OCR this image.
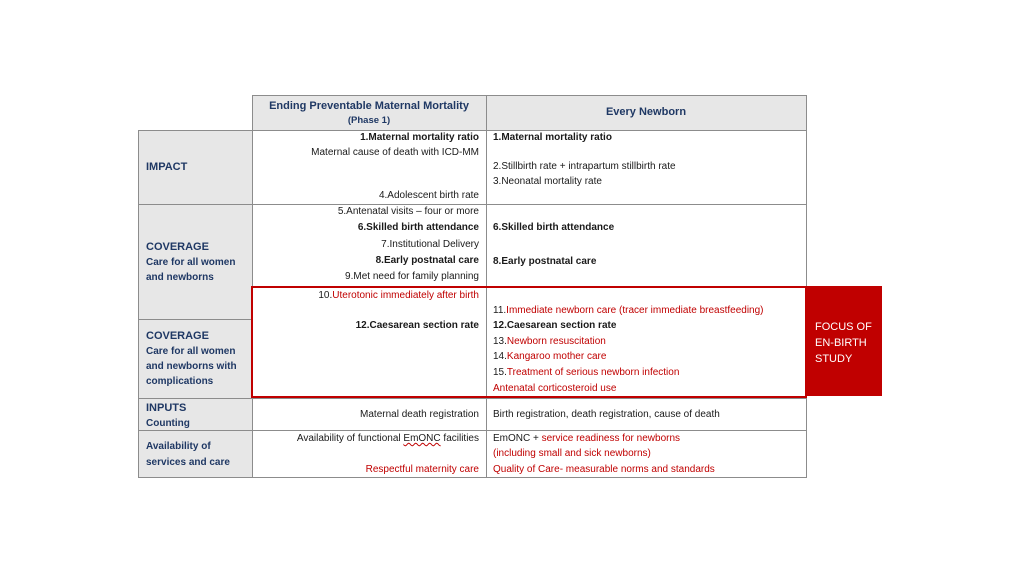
FOCUS OF
EN-BIRTH
STUDY
Ending Preventable Maternal Mortality
(Phase 1)
Every Newborn
IMPACT
1.Maternal mortality ratio
Maternal cause of death with ICD-MM
4.Adolescent birth rate
1.Maternal mortality ratio
2.Stillbirth rate + intrapartum stillbirth rate
3.Neonatal mortality rate
COVERAGE
Care for all women
and newborns
5.Antenatal visits – four or more
6.Skilled birth attendance
7.Institutional Delivery
8.Early postnatal care
9.Met need for family planning
6.Skilled birth attendance
8.Early postnatal care
10.Uterotonic immediately after birth
11.Immediate newborn care (tracer immediate breastfeeding)
COVERAGE
Care for all women
and newborns with
complications
12.Caesarean section rate 12.Caesarean section rate
13.Newborn resuscitation
14.Kangaroo mother care
15.Treatment of serious newborn infection
Antenatal corticosteroid use
INPUTS
Counting
Maternal death registration Birth registration, death registration, cause of death
Availability of
services and care
Availability of functional EmONC facilities
Respectful maternity care
EmONC + service readiness for newborns
(including small and sick newborns)
Quality of Care- measurable norms and standards
